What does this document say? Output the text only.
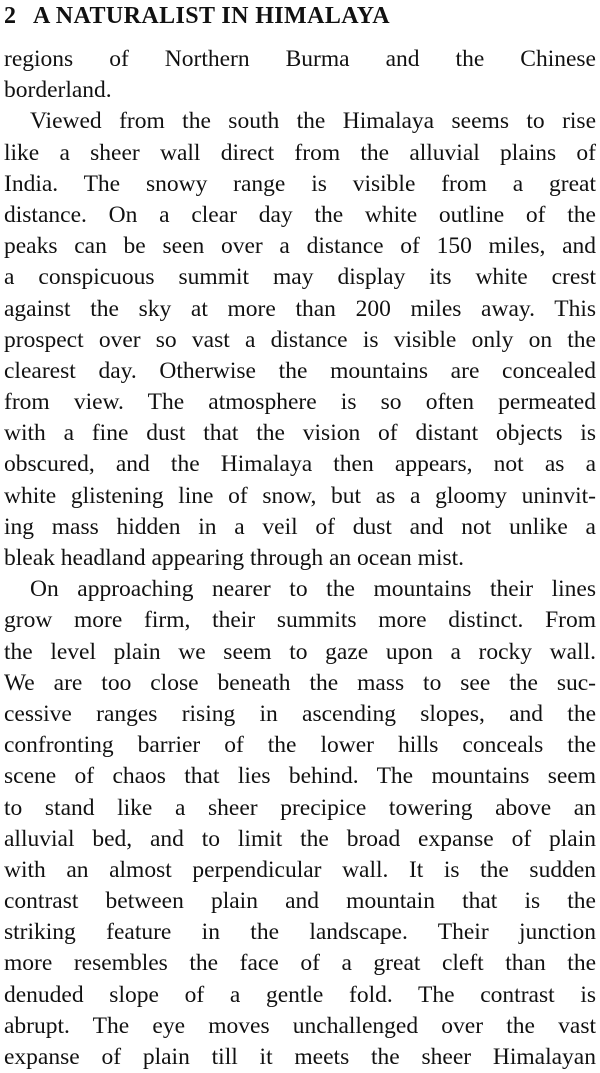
2 A NATURALIST IN HIMALAYA
regions of Northern Burma and the Chinese
borderland.
Viewed from the south the Himalaya seems to rise
like a sheer wall direct from the alluvial plains of
India. The snowy range is visible from a great
distance. On a clear day the white outline of the
peaks can be seen over a distance of 150 miles, and
a conspicuous summit may display its white crest
against the sky at more than 200 miles away. This
prospect over so vast a distance is visible only on the
clearest day. Otherwise the mountains are concealed
from view. The atmosphere is so often permeated
with a fine dust that the vision of distant objects is
obscured, and the Himalaya then appears, not as a
white glistening line of snow, but as a gloomy uninvit-
ing mass hidden in a veil of dust and not unlike a
bleak headland appearing through an ocean mist.
On approaching nearer to the mountains their lines
grow more firm, their summits more distinct. From
the level plain we seem to gaze upon a rocky wall.
We are too close beneath the mass to see the suc-
cessive ranges rising in ascending slopes, and the
confronting barrier of the lower hills conceals the
scene of chaos that lies behind. The mountains seem
to stand like a sheer precipice towering above an
alluvial bed, and to limit the broad expanse of plain
with an almost perpendicular wall. It is the sudden
contrast between plain and mountain that is the
striking feature in the landscape. Their junction
more resembles the face of a great cleft than the
denuded slope of a gentle fold. The contrast is
abrupt. The eye moves unchallenged over the vast
expanse of plain till it meets the sheer Himalayan
